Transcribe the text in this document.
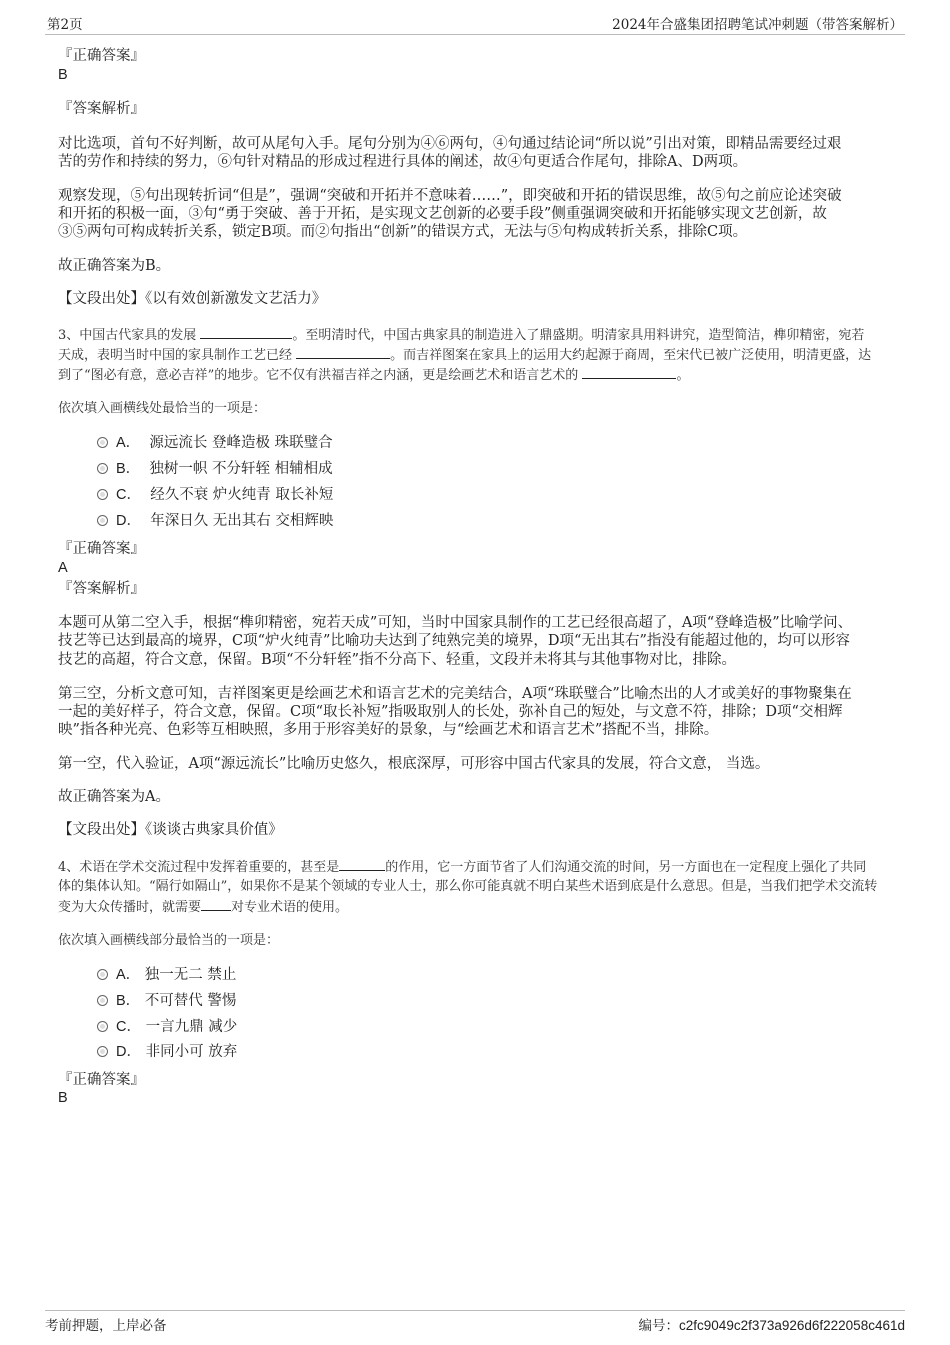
第2页	2024年合盛集团招聘笔试冲刺题（带答案解析）
『正确答案』
B
『答案解析』
对比选项，首句不好判断，故可从尾句入手。尾句分别为④⑥两句，④句通过结论词“所以说”引出对策，即精品需要经过艰
苦的劳作和持续的努力，⑥句针对精品的形成过程进行具体的阐述，故④句更适合作尾句，排除A、D两项。
观察发现，⑤句出现转折词“但是”，强调“突破和开拓并不意味着……”，即突破和开拓的错误思维，故⑤句之前应论述突破
和开拓的积极一面，③句“勇于突破、善于开拓，是实现文艺创新的必要手段”侧重强调突破和开拓能够实现文艺创新，故
③⑤两句可构成转折关系，锁定B项。而②句指出“创新”的错误方式，无法与⑤句构成转折关系，排除C项。
故正确答案为B。
【文段出处】《以有效创新激发文艺活力》
3、中国古代家具的发展	。至明清时代，中国古典家具的制造进入了鼎盛期。明清家具用料讲究，造型简洁，榫卯精密，宛若
天成，表明当时中国的家具制作工艺已经	。而吉祥图案在家具上的运用大约起源于商周，至宋代已被广泛使用，明清更盛，达
到了“图必有意，意必吉祥”的地步。它不仅有洪福吉祥之内涵，更是绘画艺术和语言艺术的	。
依次填入画横线处最恰当的一项是：
A． 源远流长 登峰造极 珠联璧合
B． 独树一帜 不分轩轾 相辅相成
C． 经久不衰 炉火纯青 取长补短
D． 年深日久 无出其右 交相辉映
『正确答案』
A
『答案解析』
本题可从第二空入手，根据“榫卯精密，宛若天成”可知，当时中国家具制作的工艺已经很高超了，A项“登峰造极”比喻学问、
技艺等已达到最高的境界，C项“炉火纯青”比喻功夫达到了纯熟完美的境界，D项“无出其右”指没有能超过他的，均可以形容
技艺的高超，符合文意，保留。B项“不分轩轾”指不分高下、轻重，文段并未将其与其他事物对比，排除。
第三空，分析文意可知，吉祥图案更是绘画艺术和语言艺术的完美结合，A项“珠联璧合”比喻杰出的人才或美好的事物聚集在
一起的美好样子，符合文意，保留。C项“取长补短”指吸取别人的长处，弥补自己的短处，与文意不符，排除；D项“交相辉
映”指各种光亮、色彩等互相映照，多用于形容美好的景象，与“绘画艺术和语言艺术”搭配不当，排除。
第一空，代入验证，A项“源远流长”比喻历史悠久，根底深厚，可形容中国古代家具的发展，符合文意， 当选。
故正确答案为A。
【文段出处】《谈谈古典家具价值》
4、术语在学术交流过程中发挥着重要的，甚至是	的作用，它一方面节省了人们沟通交流的时间，另一方面也在一定程度上强化了共同
体的集体认知。“隔行如隔山”，如果你不是某个领域的专业人士，那么你可能真就不明白某些术语到底是什么意思。但是，当我们把学术交流转
变为大众传播时，就需要 对专业术语的使用。
依次填入画横线部分最恰当的一项是：
A． 独一无二 禁止
B． 不可替代 警惕
C． 一言九鼎 减少
D． 非同小可 放弃
『正确答案』
B
考前押题，上岸必备	编号：c2fc9049c2f373a926d6f222058c461d
